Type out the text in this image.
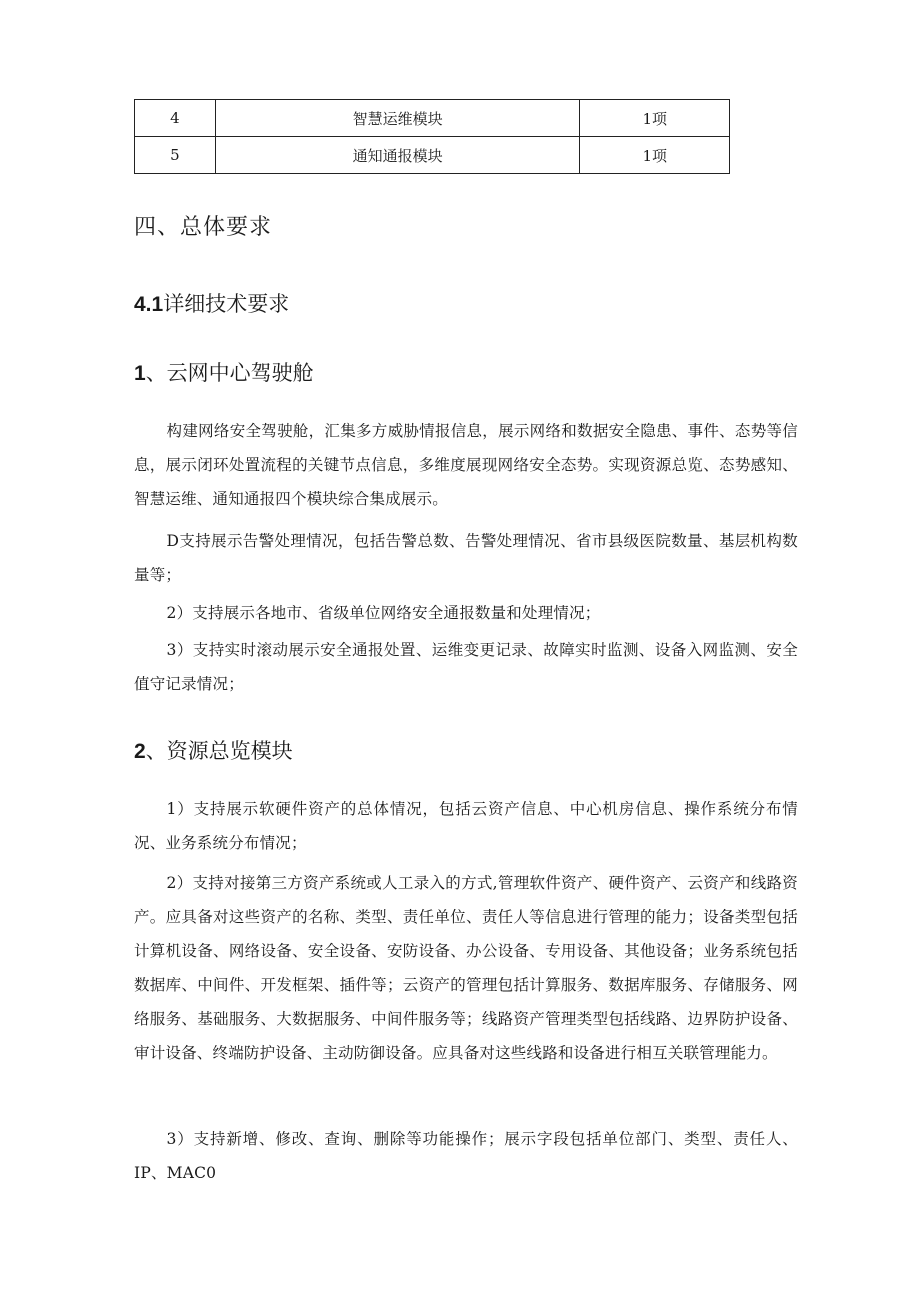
4	智慧运维模块	1项
5	通知通报模块	1项
四、总体要求
4.1详细技术要求
1、云网中心驾驶舱

构建网络安全驾驶舱，汇集多方威胁情报信息，展示网络和数据安全隐患、事件、态势等信息，展示闭环处置流程的关键节点信息，多维度展现网络安全态势。实现资源总览、态势感知、智慧运维、通知通报四个模块综合集成展示。

D支持展示告警处理情况，包括告警总数、告警处理情况、省市县级医院数量、基层机构数量等；

2）支持展示各地市、省级单位网络安全通报数量和处理情况；

3）支持实时滚动展示安全通报处置、运维变更记录、故障实时监测、设备入网监测、安全值守记录情况；

2、资源总览模块

1）支持展示软硬件资产的总体情况，包括云资产信息、中心机房信息、操作系统分布情况、业务系统分布情况；

2）支持对接第三方资产系统或人工录入的方式,管理软件资产、硬件资产、云资产和线路资产。应具备对这些资产的名称、类型、责任单位、责任人等信息进行管理的能力；设备类型包括计算机设备、网络设备、安全设备、安防设备、办公设备、专用设备、其他设备；业务系统包括数据库、中间件、开发框架、插件等；云资产的管理包括计算服务、数据库服务、存储服务、网络服务、基础服务、大数据服务、中间件服务等；线路资产管理类型包括线路、边界防护设备、审计设备、终端防护设备、主动防御设备。应具备对这些线路和设备进行相互关联管理能力。

3）支持新增、修改、查询、删除等功能操作；展示字段包括单位部门、类型、责任人、IP、MAC0
